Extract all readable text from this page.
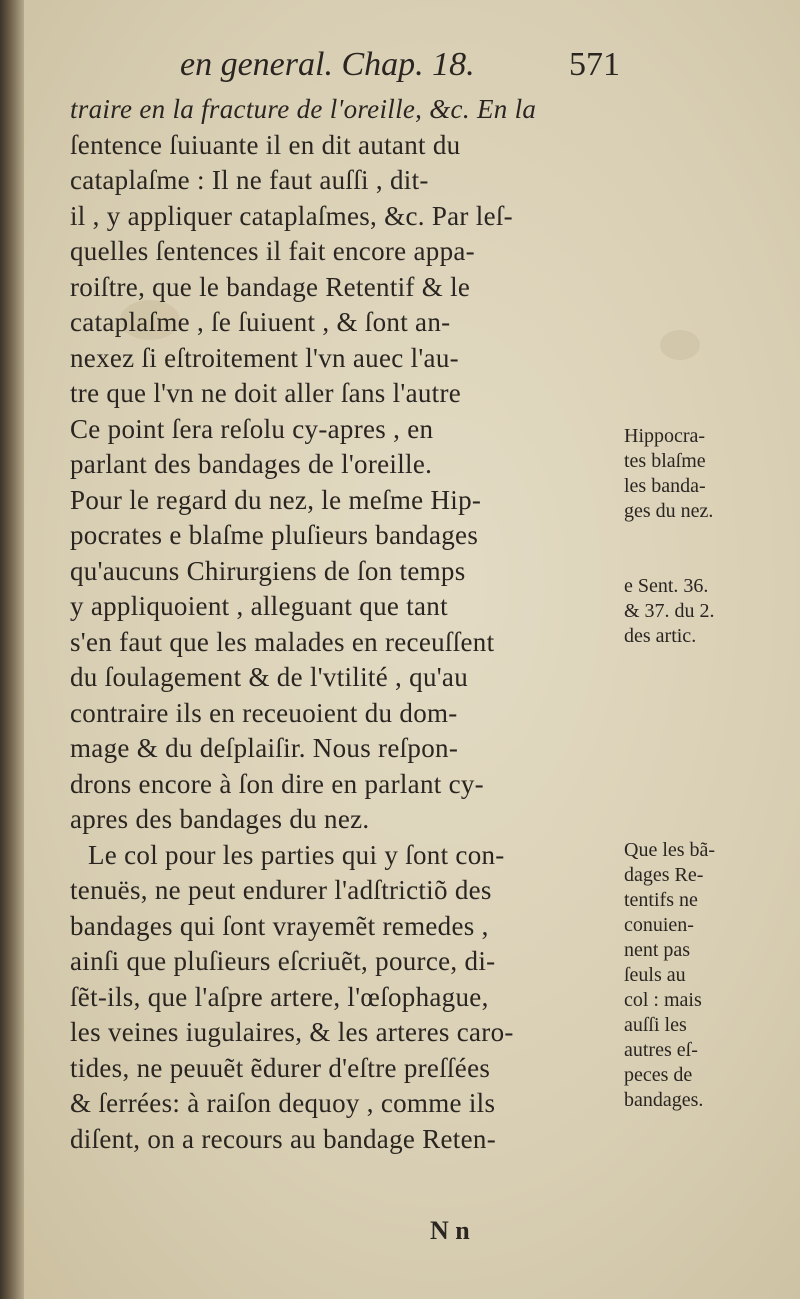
en general. Chap. 18.	571
traire en la fracture de l'oreille, &c. En la
ſentence ſuiuante il en dit autant du
cataplaſme : Il ne faut auſſi , dit-
il , y appliquer cataplaſmes, &c. Par leſ-
quelles ſentences il fait encore appa-
roiſtre, que le bandage Retentif & le
cataplaſme , ſe ſuiuent , & ſont an-
nexez ſi eſtroitement l'vn auec l'au-
tre que l'vn ne doit aller ſans l'autre
Ce point ſera reſolu cy-apres , en
parlant des bandages de l'oreille.
Pour le regard du nez, le meſme Hip-
pocrates e blaſme pluſieurs bandages
qu'aucuns Chirurgiens de ſon temps
y appliquoient , alleguant que tant
s'en faut que les malades en receuſſent
du ſoulagement & de l'vtilité , qu'au
contraire ils en receuoient du dom-
mage & du deſplaiſir. Nous reſpon-
drons encore à ſon dire en parlant cy-
apres des bandages du nez.
Le col pour les parties qui y ſont con-
tenuës, ne peut endurer l'adſtrictiõ des
bandages qui ſont vrayemẽt remedes ,
ainſi que pluſieurs eſcriuẽt, pource, di-
ſẽt-ils, que l'aſpre artere, l'œſophague,
les veines iugulaires, & les arteres caro-
tides, ne peuuẽt ẽdurer d'eſtre preſſées
& ſerrées: à raiſon dequoy , comme ils
diſent, on a recours au bandage Reten-
Hippocra-
tes blaſme
les banda-
ges du nez.
e Sent. 36.
& 37. du 2.
des artic.
Que les bã-
dages Re-
tentifs ne
conuien-
nent pas
ſeuls au
col : mais
auſſi les
autres eſ-
peces de
bandages.
N n
